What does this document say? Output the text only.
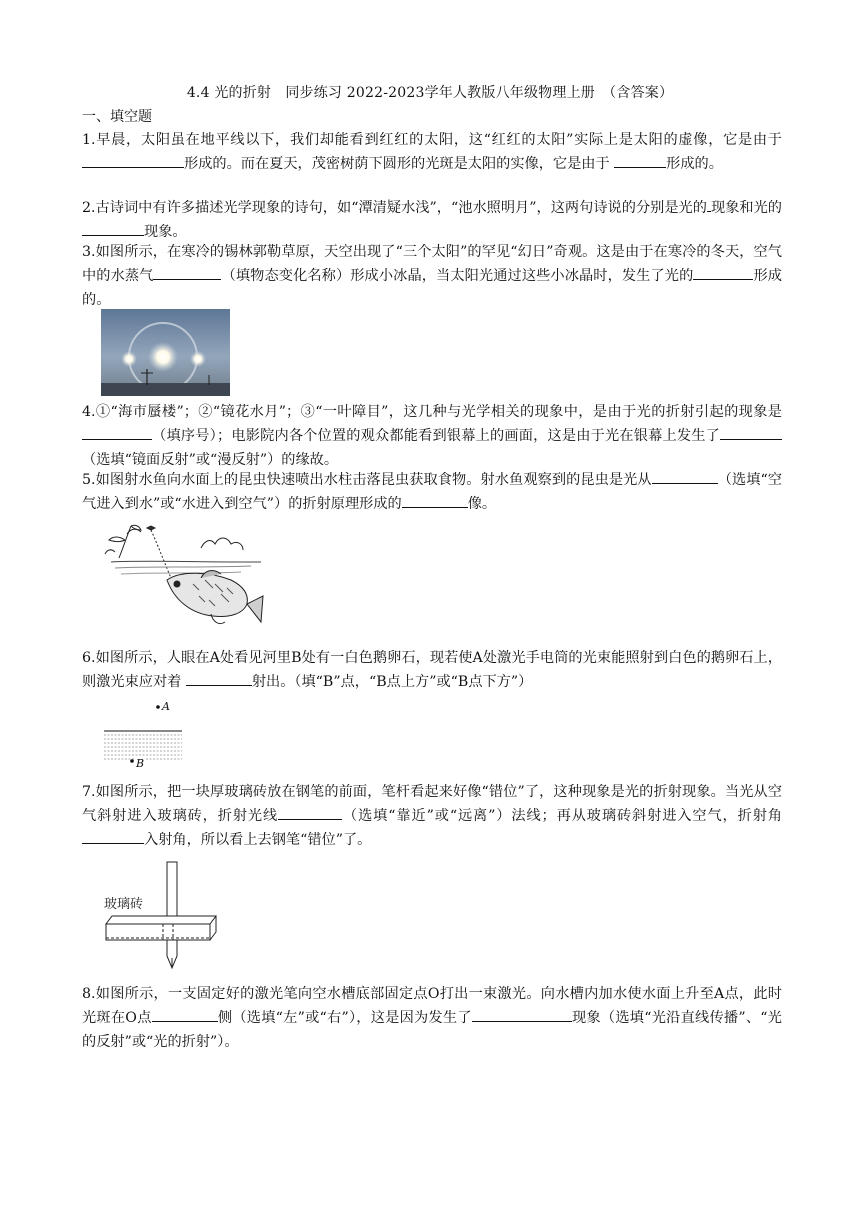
4.4 光的折射　同步练习 2022-2023学年人教版八年级物理上册　（含答案）
一、填空题
1.早晨，太阳虽在地平线以下，我们却能看到红红的太阳，这“红红的太阳”实际上是太阳的虚像，它是由于 形成的。而在夏天，茂密树荫下圆形的光斑是太阳的实像，它是由于	形成的。
2.古诗词中有许多描述光学现象的诗句，如“潭清疑水浅”，“池水照明月”，这两句诗说的分别是光的 现象和光的现象。
3.如图所示，在寒冷的锡林郭勒草原，天空出现了“三个太阳”的罕见“幻日”奇观。这是由于在寒冷的冬天，空气中的水蒸气	（填物态变化名称）形成小冰晶，当太阳光通过这些小冰晶时，发生了光的	形成的。
4.①“海市蜃楼”；②“镜花水月”；③“一叶障目”，这几种与光学相关的现象中，是由于光的折射引起的现象是（填序号）；电影院内各个位置的观众都能看到银幕上的画面，这是由于光在银幕上发生了（选填“镜面反射”或“漫反射”）的缘故。
5.如图射水鱼向水面上的昆虫快速喷出水柱击落昆虫获取食物。射水鱼观察到的昆虫是光从	（选填“空气进入到水”或“水进入到空气”）的折射原理形成的	像。
6.如图所示，人眼在A处看见河里B处有一白色鹅卵石，现若使A处激光手电筒的光束能照射到白色的鹅卵石上，则激光束应对着	射出。（填“B”点，“B点上方”或“B点下方”）
A
B
7.如图所示，把一块厚玻璃砖放在钢笔的前面，笔杆看起来好像“错位”了，这种现象是光的折射现象。当光从空气斜射进入玻璃砖，折射光线	（选填“靠近”或“远离”）法线；再从玻璃砖斜射进入空气，折射角入射角，所以看上去钢笔“错位”了。
玻璃砖
8.如图所示，一支固定好的激光笔向空水槽底部固定点O打出一束激光。向水槽内加水使水面上升至A点，此时光斑在O点	侧（选填“左”或“右”），这是因为发生了	现象（选填“光沿直线传播”、“光的反射”或“光的折射”）。
